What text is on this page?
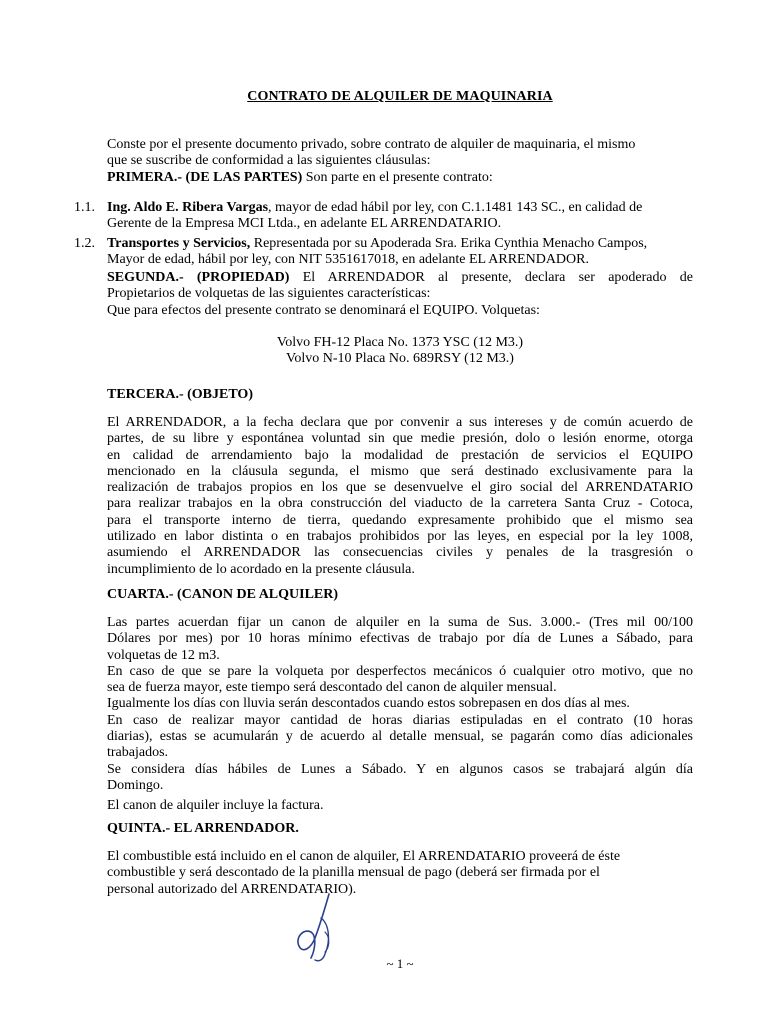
CONTRATO DE ALQUILER DE MAQUINARIA
Conste por el presente documento privado, sobre contrato de alquiler de maquinaria, el mismo
que se suscribe de conformidad a las siguientes cláusulas:
PRIMERA.- (DE LAS PARTES) Son parte en el presente contrato:
1.1. Ing. Aldo E. Ribera Vargas, mayor de edad hábil por ley, con C.1.1481 143 SC., en calidad de
Gerente de la Empresa MCI Ltda., en adelante EL ARRENDATARIO.
1.2. Transportes y Servicios, Representada por su Apoderada Sra. Erika Cynthia Menacho Campos,
Mayor de edad, hábil por ley, con NIT 5351617018, en adelante EL ARRENDADOR.
SEGUNDA.- (PROPIEDAD) El ARRENDADOR al presente, declara ser apoderado de
Propietarios de volquetas de las siguientes características:
Que para efectos del presente contrato se denominará el EQUIPO. Volquetas:
Volvo FH-12 Placa No. 1373 YSC (12 M3.)
Volvo N-10 Placa No. 689RSY (12 M3.)
TERCERA.- (OBJETO)
El ARRENDADOR, a la fecha declara que por convenir a sus intereses y de común acuerdo de
partes, de su libre y espontánea voluntad sin que medie presión, dolo o lesión enorme, otorga
en calidad de arrendamiento bajo la modalidad de prestación de servicios el EQUIPO
mencionado en la cláusula segunda, el mismo que será destinado exclusivamente para la
realización de trabajos propios en los que se desenvuelve el giro social del ARRENDATARIO
para realizar trabajos en la obra construcción del viaducto de la carretera Santa Cruz - Cotoca,
para el transporte interno de tierra, quedando expresamente prohibido que el mismo sea
utilizado en labor distinta o en trabajos prohibidos por las leyes, en especial por la ley 1008,
asumiendo el ARRENDADOR las consecuencias civiles y penales de la trasgresión o
incumplimiento de lo acordado en la presente cláusula.
CUARTA.- (CANON DE ALQUILER)
Las partes acuerdan fijar un canon de alquiler en la suma de Sus. 3.000.- (Tres mil 00/100
Dólares por mes) por 10 horas mínimo efectivas de trabajo por día de Lunes a Sábado, para
volquetas de 12 m3.
En caso de que se pare la volqueta por desperfectos mecánicos ó cualquier otro motivo, que no
sea de fuerza mayor, este tiempo será descontado del canon de alquiler mensual.
Igualmente los días con lluvia serán descontados cuando estos sobrepasen en dos días al mes.
En caso de realizar mayor cantidad de horas diarias estipuladas en el contrato (10 horas
diarias), estas se acumularán y de acuerdo al detalle mensual, se pagarán como días adicionales
trabajados.
Se considera días hábiles de Lunes a Sábado. Y en algunos casos se trabajará algún día
Domingo.
El canon de alquiler incluye la factura.
QUINTA.- EL ARRENDADOR.
El combustible está incluido en el canon de alquiler, El ARRENDATARIO proveerá de éste
combustible y será descontado de la planilla mensual de pago (deberá ser firmada por el
personal autorizado del ARRENDATARIO).
~ 1 ~
